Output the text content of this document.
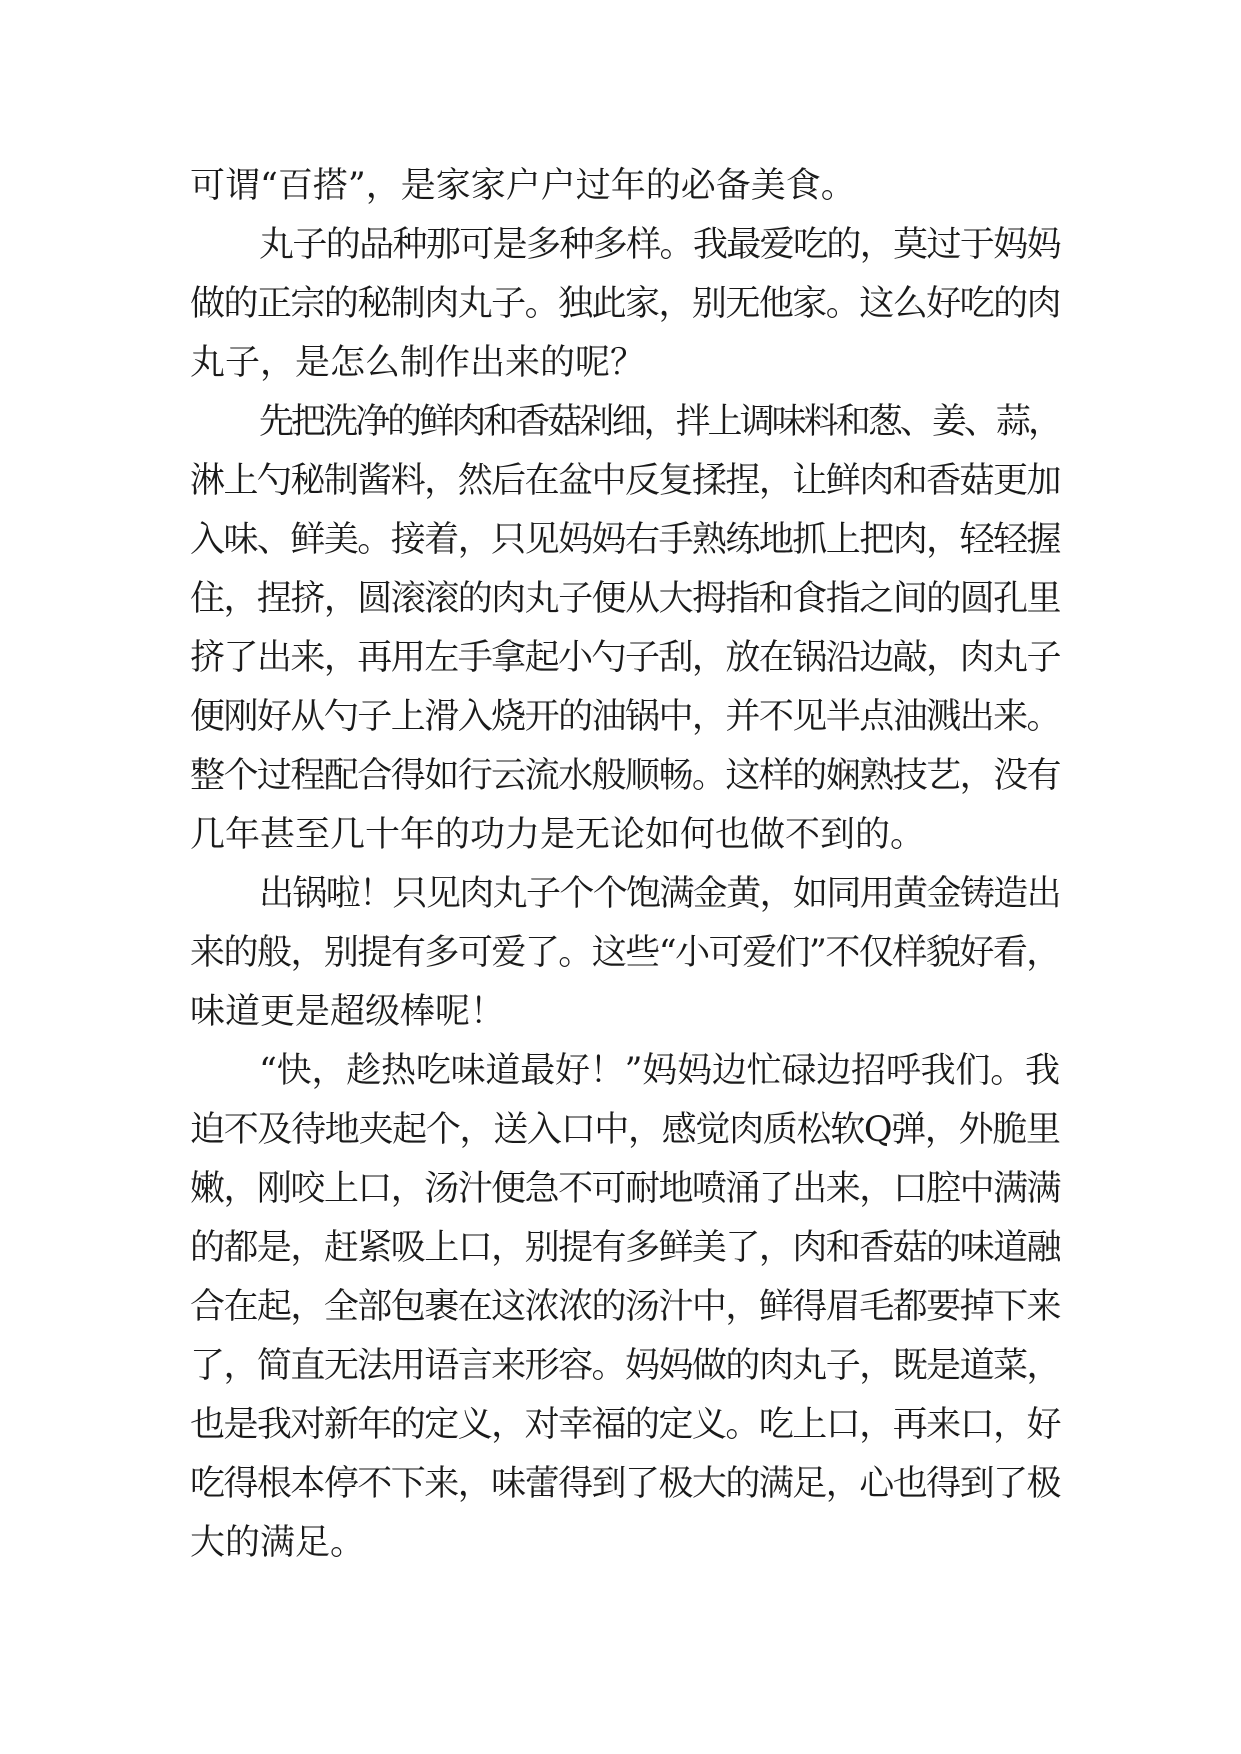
可谓“百搭”，是家家户户过年的必备美食。
丸子的品种那可是多种多样。我最爱吃的，莫过于妈妈
做的正宗的秘制肉丸子。独此家，别无他家。这么好吃的肉
丸子，是怎么制作出来的呢？
先把洗净的鲜肉和香菇剁细，拌上调味料和葱、姜、蒜，
淋上勺秘制酱料，然后在盆中反复揉捏，让鲜肉和香菇更加
入味、鲜美。接着，只见妈妈右手熟练地抓上把肉，轻轻握
住，捏挤，圆滚滚的肉丸子便从大拇指和食指之间的圆孔里
挤了出来，再用左手拿起小勺子刮，放在锅沿边敲，肉丸子
便刚好从勺子上滑入烧开的油锅中，并不见半点油溅出来。
整个过程配合得如行云流水般顺畅。这样的娴熟技艺，没有
几年甚至几十年的功力是无论如何也做不到的。
出锅啦！只见肉丸子个个饱满金黄，如同用黄金铸造出
来的般，别提有多可爱了。这些“小可爱们”不仅样貌好看，
味道更是超级棒呢！
“快，趁热吃味道最好！”妈妈边忙碌边招呼我们。我
迫不及待地夹起个，送入口中，感觉肉质松软Q弹，外脆里
嫩，刚咬上口，汤汁便急不可耐地喷涌了出来，口腔中满满
的都是，赶紧吸上口，别提有多鲜美了，肉和香菇的味道融
合在起，全部包裹在这浓浓的汤汁中，鲜得眉毛都要掉下来
了，简直无法用语言来形容。妈妈做的肉丸子，既是道菜，
也是我对新年的定义，对幸福的定义。吃上口，再来口，好
吃得根本停不下来，味蕾得到了极大的满足，心也得到了极
大的满足。
